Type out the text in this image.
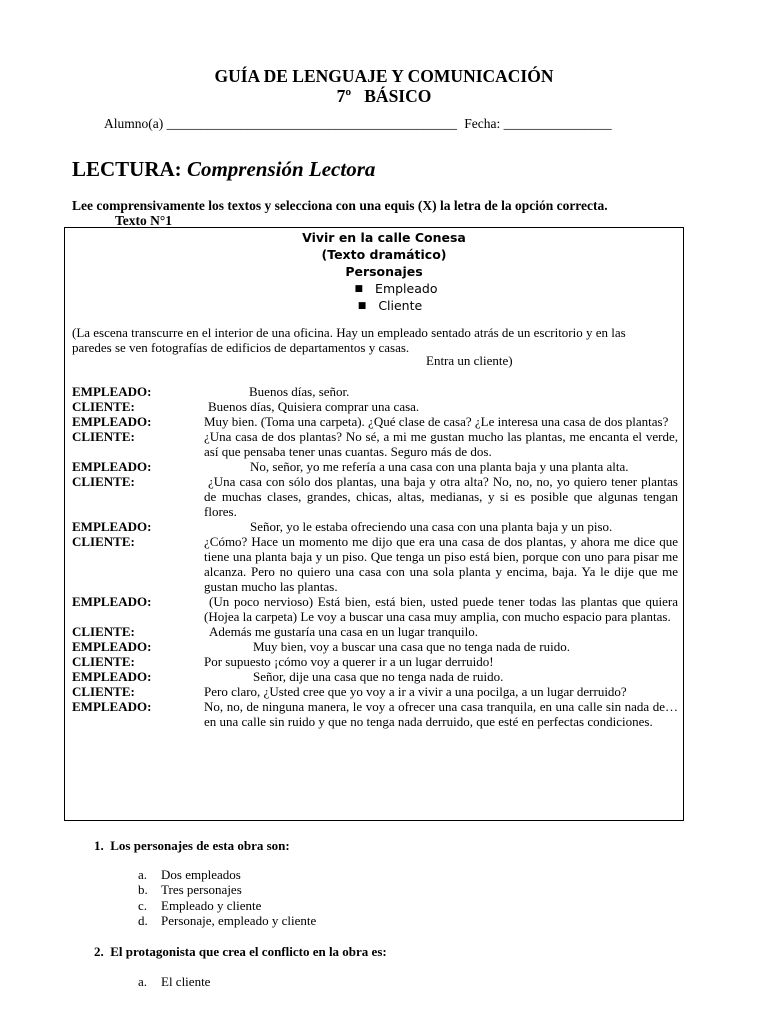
GUÍA DE LENGUAJE Y COMUNICACIÓN
7º   BÁSICO
Alumno(a) ___________________________________________ Fecha: ________________
LECTURA: Comprensión Lectora
Lee comprensivamente los textos y selecciona con una equis (X) la letra de la opción correcta.
Texto N°1
Vivir en la calle Conesa
(Texto dramático)
Personajes
■ Empleado
■ Cliente
(La escena transcurre en el interior de una oficina. Hay un empleado sentado atrás de un escritorio y en las
paredes se ven fotografías de edificios de departamentos y casas.
Entra un cliente)
EMPLEADO:	Buenos días, señor.
CLIENTE:	Buenos días, Quisiera comprar una casa.
EMPLEADO:	Muy bien. (Toma una carpeta). ¿Qué clase de casa? ¿Le interesa una casa de dos plantas?
CLIENTE:	¿Una casa de dos plantas? No sé, a mi me gustan mucho las plantas, me encanta el verde, así que pensaba tener unas cuantas. Seguro más de dos.
EMPLEADO:	No, señor, yo me refería a una casa con una planta baja y una planta alta.
CLIENTE:	¿Una casa con sólo dos plantas, una baja y otra alta? No, no, no, yo quiero tener plantas de muchas clases, grandes, chicas, altas, medianas, y si es posible que algunas tengan flores.
EMPLEADO:	Señor, yo le estaba ofreciendo una casa con una planta baja y un piso.
CLIENTE:	¿Cómo? Hace un momento me dijo que era una casa de dos plantas, y ahora me dice que tiene una planta baja y un piso. Que tenga un piso está bien, porque con uno para pisar me alcanza. Pero no quiero una casa con una sola planta y encima, baja. Ya le dije que me gustan mucho las plantas.
EMPLEADO:	(Un poco nervioso) Está bien, está bien, usted puede tener todas las plantas que quiera (Hojea la carpeta) Le voy a buscar una casa muy amplia, con mucho espacio para plantas.
CLIENTE:	Además me gustaría una casa en un lugar tranquilo.
EMPLEADO:	Muy bien, voy a buscar una casa que no tenga nada de ruido.
CLIENTE:	Por supuesto ¡cómo voy a querer ir a un lugar derruido!
EMPLEADO:	Señor, dije una casa que no tenga nada de ruido.
CLIENTE:	Pero claro, ¿Usted cree que yo voy a ir a vivir a una pocilga, a un lugar derruido?
EMPLEADO:	No, no, de ninguna manera, le voy a ofrecer una casa tranquila, en una calle sin nada de… en una calle sin ruido y que no tenga nada derruido, que esté en perfectas condiciones.
1. Los personajes de esta obra son:
a. Dos empleados
b. Tres personajes
c. Empleado y cliente
d. Personaje, empleado y cliente
2. El protagonista que crea el conflicto en la obra es:
a. El cliente
